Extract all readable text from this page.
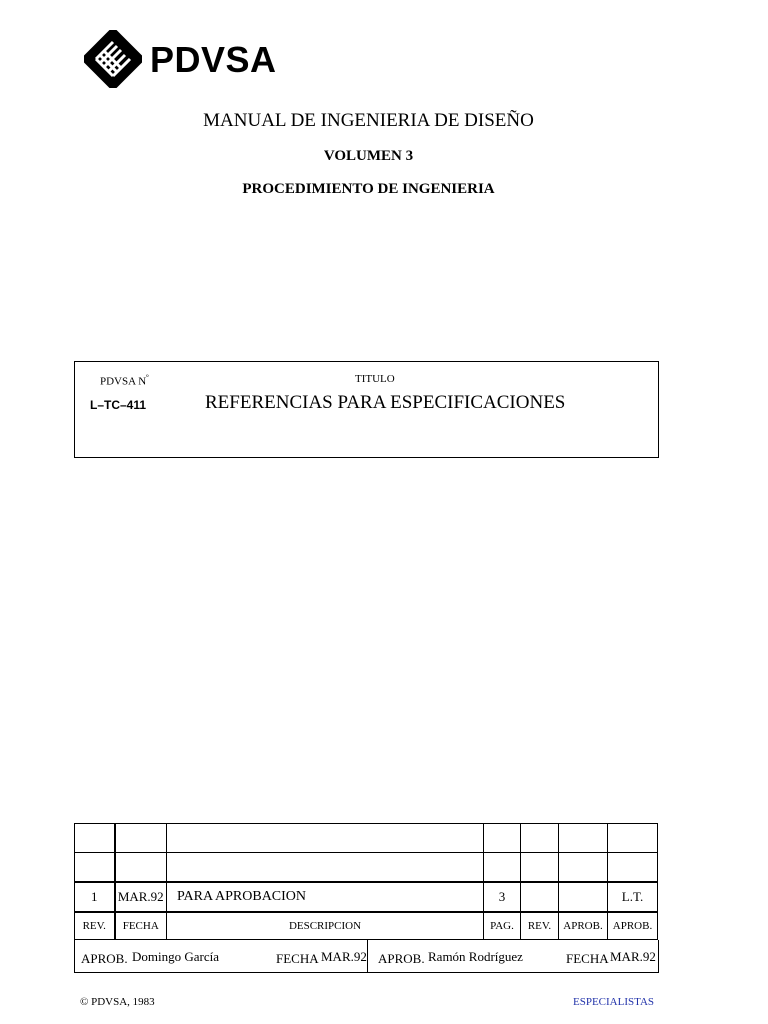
PDVSA
MANUAL DE INGENIERIA DE DISEÑO
VOLUMEN 3
PROCEDIMIENTO DE INGENIERIA
PDVSA $N^º$
L–TC–411
TITULO
REFERENCIAS PARA ESPECIFICACIONES

1	MAR.92	PARA APROBACION	3			L.T.
REV.	FECHA	DESCRIPCION	PAG.	REV.	APROB.	APROB.
APROB. Domingo García	FECHA MAR.92 APROB. Ramón Rodríguez	FECHA MAR.92
© PDVSA, 1983	ESPECIALISTAS
